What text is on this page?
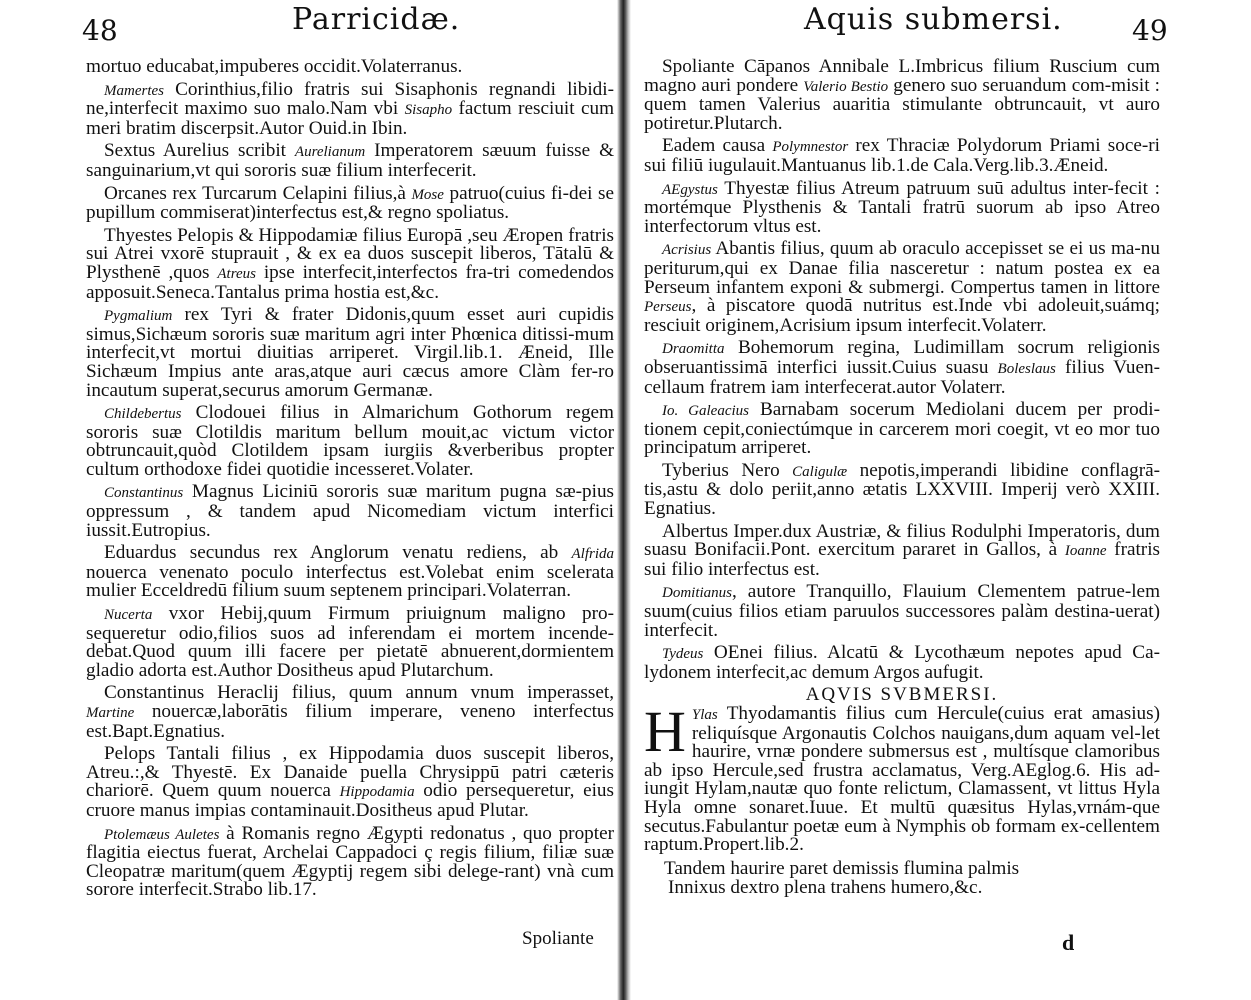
48	Parricidæ.

mortuo educabat,impuberes occidit.Volaterranus.

Mamertes Corinthius,filio fratris sui Sisaphonis regnandi libidi-ne,interfecit maximo suo malo.Nam vbi Sisapho factum resciuit cum meri bratim discerpsit.Autor Ouid.in Ibin.

Sextus Aurelius scribit Aurelianum Imperatorem sæuum fuisse & sanguinarium,vt qui sororis suæ filium interfecerit.

Orcanes rex Turcarum Celapini filius,à Mose patruo(cuius fi-dei se pupillum commiserat)interfectus est,& regno spoliatus.

Thyestes Pelopis & Hippodamiæ filius Europā ,seu Æropen fratris sui Atrei vxorē stuprauit , & ex ea duos suscepit liberos, Tātalū & Plysthenē ,quos Atreus ipse interfecit,interfectos fra-tri comedendos apposuit.Seneca.Tantalus prima hostia est,&c.

Pygmalium rex Tyri & frater Didonis,quum esset auri cupidis simus,Sichæum sororis suæ maritum agri inter Phœnica ditissi-mum interfecit,vt mortui diuitias arriperet. Virgil.lib.1. Æneid, Ille Sichæum Impius ante aras,atque auri cæcus amore Clàm fer-ro incautum superat,securus amorum Germanæ.

Childebertus Clodouei filius in Almarichum Gothorum regem sororis suæ Clotildis maritum bellum mouit,ac victum victor obtruncauit,quòd Clotildem ipsam iurgiis &verberibus propter cultum orthodoxe fidei quotidie incesseret.Volater.

Constantinus Magnus Liciniū sororis suæ maritum pugna sæ-pius oppressum , & tandem apud Nicomediam victum interfici iussit.Eutropius.

Eduardus secundus rex Anglorum venatu rediens, ab Alfrida nouerca venenato poculo interfectus est.Volebat enim scelerata mulier Ecceldredū filium suum septenem principari.Volaterran.

Nucerta vxor Hebij,quum Firmum priuignum maligno pro-sequeretur odio,filios suos ad inferendam ei mortem incende-debat.Quod quum illi facere per pietatē abnuerent,dormientem gladio adorta est.Author Dositheus apud Plutarchum.

Constantinus Heraclij filius, quum annum vnum imperasset, Martine nouercæ,laborātis filium imperare, veneno interfectus est.Bapt.Egnatius.

Pelops Tantali filius , ex Hippodamia duos suscepit liberos, Atreu.:,& Thyestē. Ex Danaide puella Chrysippū patri cæteris chariorē. Quem quum nouerca Hippodamia odio persequeretur, eius cruore manus impias contaminauit.Dositheus apud Plutar.

Ptolemæus Auletes à Romanis regno Ægypti redonatus , quo propter flagitia eiectus fuerat, Archelai Cappadoci ç regis filium, filiæ suæ Cleopatræ maritum(quem Ægyptij regem sibi delege-rant) vnà cum sorore interfecit.Strabo lib.17.

Spoliante
Aquis submersi. 49

Spoliante Cāpanos Annibale L.Imbricus filium Ruscium cum magno auri pondere Valerio Bestio genero suo seruandum com-misit : quem tamen Valerius auaritia stimulante obtruncauit, vt auro potiretur.Plutarch.

Eadem causa Polymnestor rex Thraciæ Polydorum Priami soce-ri sui filiū iugulauit.Mantuanus lib.1.de Cala.Verg.lib.3.Æneid.

AEgystus Thyestæ filius Atreum patruum suū adultus inter-fecit : mortémque Plysthenis & Tantali fratrū suorum ab ipso Atreo interfectorum vltus est.

Acrisius Abantis filius, quum ab oraculo accepisset se ei us ma-nu periturum,qui ex Danae filia nasceretur : natum postea ex ea Perseum infantem exponi & submergi. Compertus tamen in littore Perseus, à piscatore quodā nutritus est.Inde vbi adoleuit,suámq; resciuit originem,Acrisium ipsum interfecit.Volaterr.

Draomitta Bohemorum regina, Ludimillam socrum religionis obseruantissimā interfici iussit.Cuius suasu Boleslaus filius Vuen-cellaum fratrem iam interfecerat.autor Volaterr.

Io. Galeacius Barnabam socerum Mediolani ducem per prodi-tionem cepit,coniectúmque in carcerem mori coegit, vt eo mor tuo principatum arriperet.

Tyberius Nero Caligulæ nepotis,imperandi libidine conflagrā-tis,astu & dolo periit,anno ætatis LXXVIII. Imperij verò XXIII. Egnatius.

Albertus Imper.dux Austriæ, & filius Rodulphi Imperatoris, dum suasu Bonifacii.Pont. exercitum pararet in Gallos, à Ioanne fratris sui filio interfectus est.

Domitianus, autore Tranquillo, Flauium Clementem patrue-lem suum(cuius filios etiam paruulos successores palàm destina-uerat) interfecit.

Tydeus OEnei filius. Alcatū & Lycothæum nepotes apud Ca-lydonem interfecit,ac demum Argos aufugit.

AQVIS SVBMERSI.

H Ylas Thyodamantis filius cum Hercule(cuius erat amasius) reliquísque Argonautis Colchos nauigans,dum aquam vel-let haurire, vrnæ pondere submersus est , multísque clamoribus ab ipso Hercule,sed frustra acclamatus, Verg.AEglog.6. His ad-iungit Hylam,nautæ quo fonte relictum, Clamassent, vt littus Hyla Hyla omne sonaret.Iuue. Et multū quæsitus Hylas,vrnám-que secutus.Fabulantur poetæ eum à Nymphis ob formam ex-cellentem raptum.Propert.lib.2.

Tandem haurire paret demissis flumina palmis
Innixus dextro plena trahens humero,&c.
d
